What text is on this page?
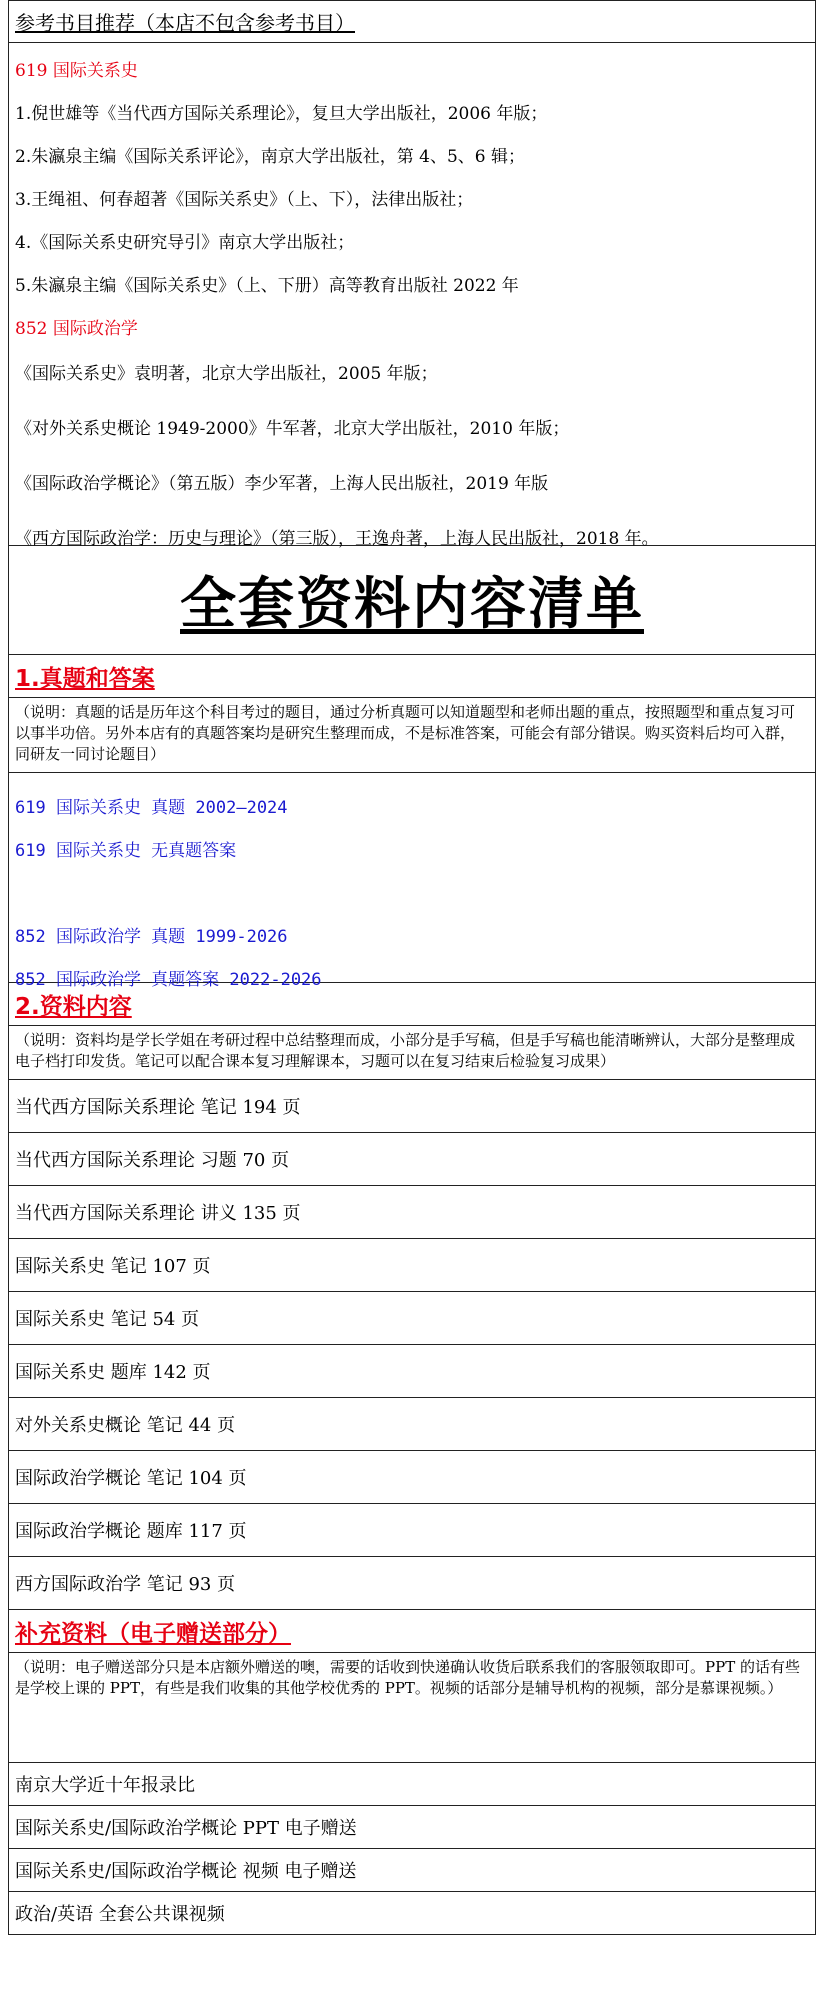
参考书目推荐（本店不包含参考书目）
619 国际关系史
1.倪世雄等《当代西方国际关系理论》，复旦大学出版社，2006 年版；
2.朱瀛泉主编《国际关系评论》，南京大学出版社，第 4、5、6 辑；
3.王绳祖、何春超著《国际关系史》（上、下），法律出版社；
4.《国际关系史研究导引》南京大学出版社；
5.朱瀛泉主编《国际关系史》（上、下册）高等教育出版社 2022 年
852 国际政治学
《国际关系史》袁明著，北京大学出版社，2005 年版；
《对外关系史概论 1949-2000》牛军著，北京大学出版社，2010 年版；
《国际政治学概论》（第五版）李少军著，上海人民出版社，2019 年版
《西方国际政治学：历史与理论》（第三版），王逸舟著，上海人民出版社，2018 年。
全套资料内容清单
1.真题和答案
（说明：真题的话是历年这个科目考过的题目，通过分析真题可以知道题型和老师出题的重点，按照题型和重点复习可以事半功倍。另外本店有的真题答案均是研究生整理而成，不是标准答案，可能会有部分错误。购买资料后均可入群，同研友一同讨论题目）
619 国际关系史 真题 2002—2024
619 国际关系史 无真题答案
852 国际政治学 真题 1999-2026
852 国际政治学 真题答案 2022-2026
2.资料内容
（说明：资料均是学长学姐在考研过程中总结整理而成，小部分是手写稿，但是手写稿也能清晰辨认，大部分是整理成电子档打印发货。笔记可以配合课本复习理解课本，习题可以在复习结束后检验复习成果）
当代西方国际关系理论 笔记 194 页
当代西方国际关系理论 习题 70 页
当代西方国际关系理论 讲义 135 页
国际关系史 笔记 107 页
国际关系史 笔记 54 页
国际关系史 题库 142 页
对外关系史概论 笔记 44 页
国际政治学概论 笔记 104 页
国际政治学概论 题库 117 页
西方国际政治学 笔记 93 页
补充资料（电子赠送部分）
（说明：电子赠送部分只是本店额外赠送的噢，需要的话收到快递确认收货后联系我们的客服领取即可。PPT 的话有些是学校上课的 PPT，有些是我们收集的其他学校优秀的 PPT。视频的话部分是辅导机构的视频，部分是慕课视频。）
南京大学近十年报录比
国际关系史/国际政治学概论 PPT 电子赠送
国际关系史/国际政治学概论 视频 电子赠送
政治/英语 全套公共课视频
